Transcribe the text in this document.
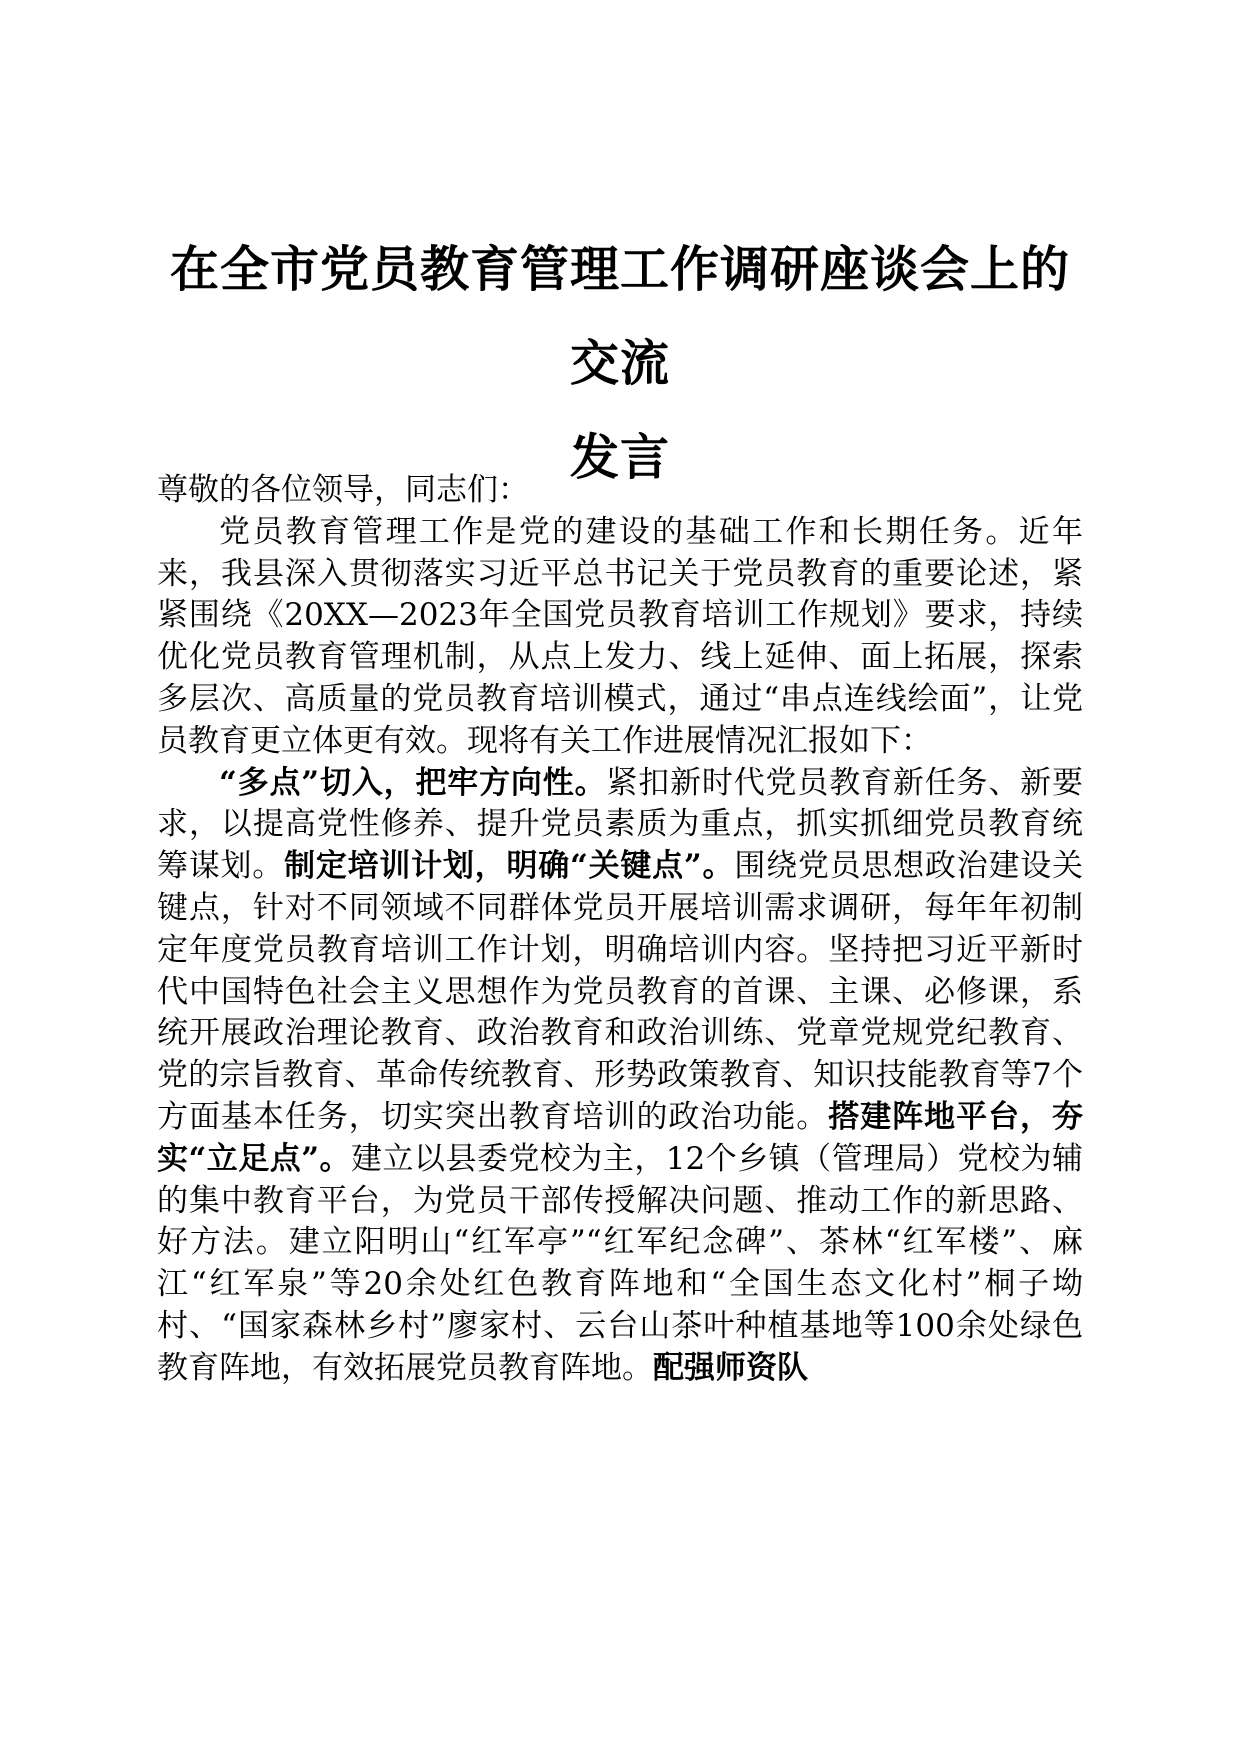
在全市党员教育管理工作调研座谈会上的交流
发言

尊敬的各位领导，同志们：

党员教育管理工作是党的建设的基础工作和长期任务。近年来，我县深入贯彻落实习近平总书记关于党员教育的重要论述，紧紧围绕《20XX—2023年全国党员教育培训工作规划》要求，持续优化党员教育管理机制，从点上发力、线上延伸、面上拓展，探索多层次、高质量的党员教育培训模式，通过“串点连线绘面”，让党员教育更立体更有效。现将有关工作进展情况汇报如下：

“多点”切入，把牢方向性。紧扣新时代党员教育新任务、新要求，以提高党性修养、提升党员素质为重点，抓实抓细党员教育统筹谋划。制定培训计划，明确“关键点”。围绕党员思想政治建设关键点，针对不同领域不同群体党员开展培训需求调研，每年年初制定年度党员教育培训工作计划，明确培训内容。坚持把习近平新时代中国特色社会主义思想作为党员教育的首课、主课、必修课，系统开展政治理论教育、政治教育和政治训练、党章党规党纪教育、党的宗旨教育、革命传统教育、形势政策教育、知识技能教育等7个方面基本任务，切实突出教育培训的政治功能。搭建阵地平台，夯实“立足点”。建立以县委党校为主，12个乡镇（管理局）党校为辅的集中教育平台，为党员干部传授解决问题、推动工作的新思路、好方法。建立阳明山“红军亭”“红军纪念碑”、茶林“红军楼”、麻江“红军泉”等20余处红色教育阵地和“全国生态文化村”桐子坳村、“国家森林乡村”廖家村、云台山茶叶种植基地等100余处绿色教育阵地，有效拓展党员教育阵地。配强师资队
